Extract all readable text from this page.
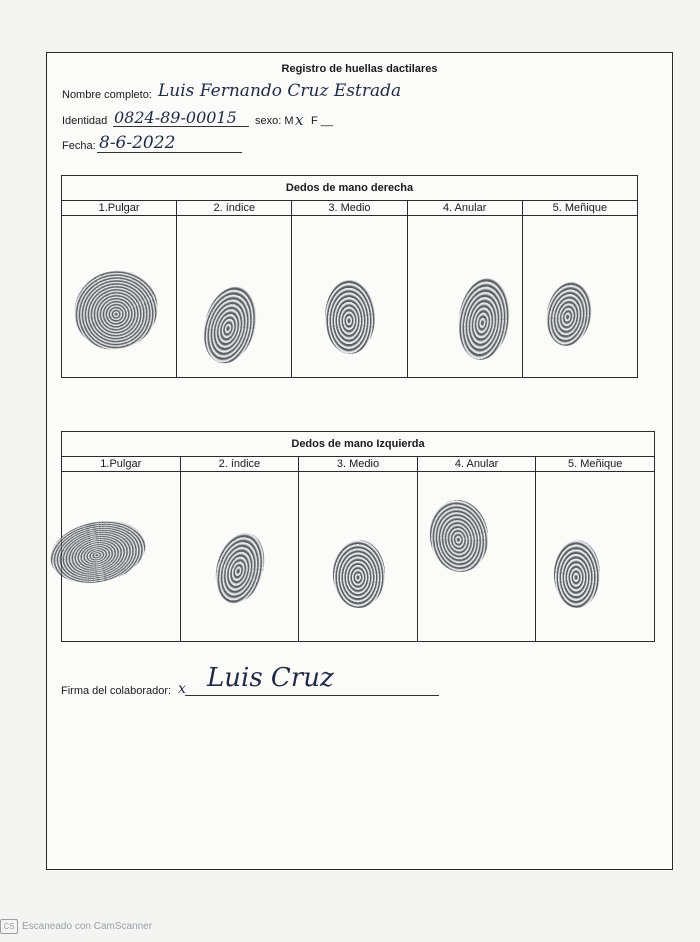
Registro de huellas dactilares
Nombre completo: Luis Fernando Cruz Estrada
Identidad 0824-89-00015 sexo: M x F __
Fecha: 8-6-2022
Dedos de mano derecha				
1.Pulgar	2. índice	3. Medio	4. Anular	5. Meñique

Dedos de mano Izquierda				
1.Pulgar	2. índice	3. Medio	4. Anular	5. Meñique

Firma del colaborador: x Luis Cruz
CS Escaneado con CamScanner
